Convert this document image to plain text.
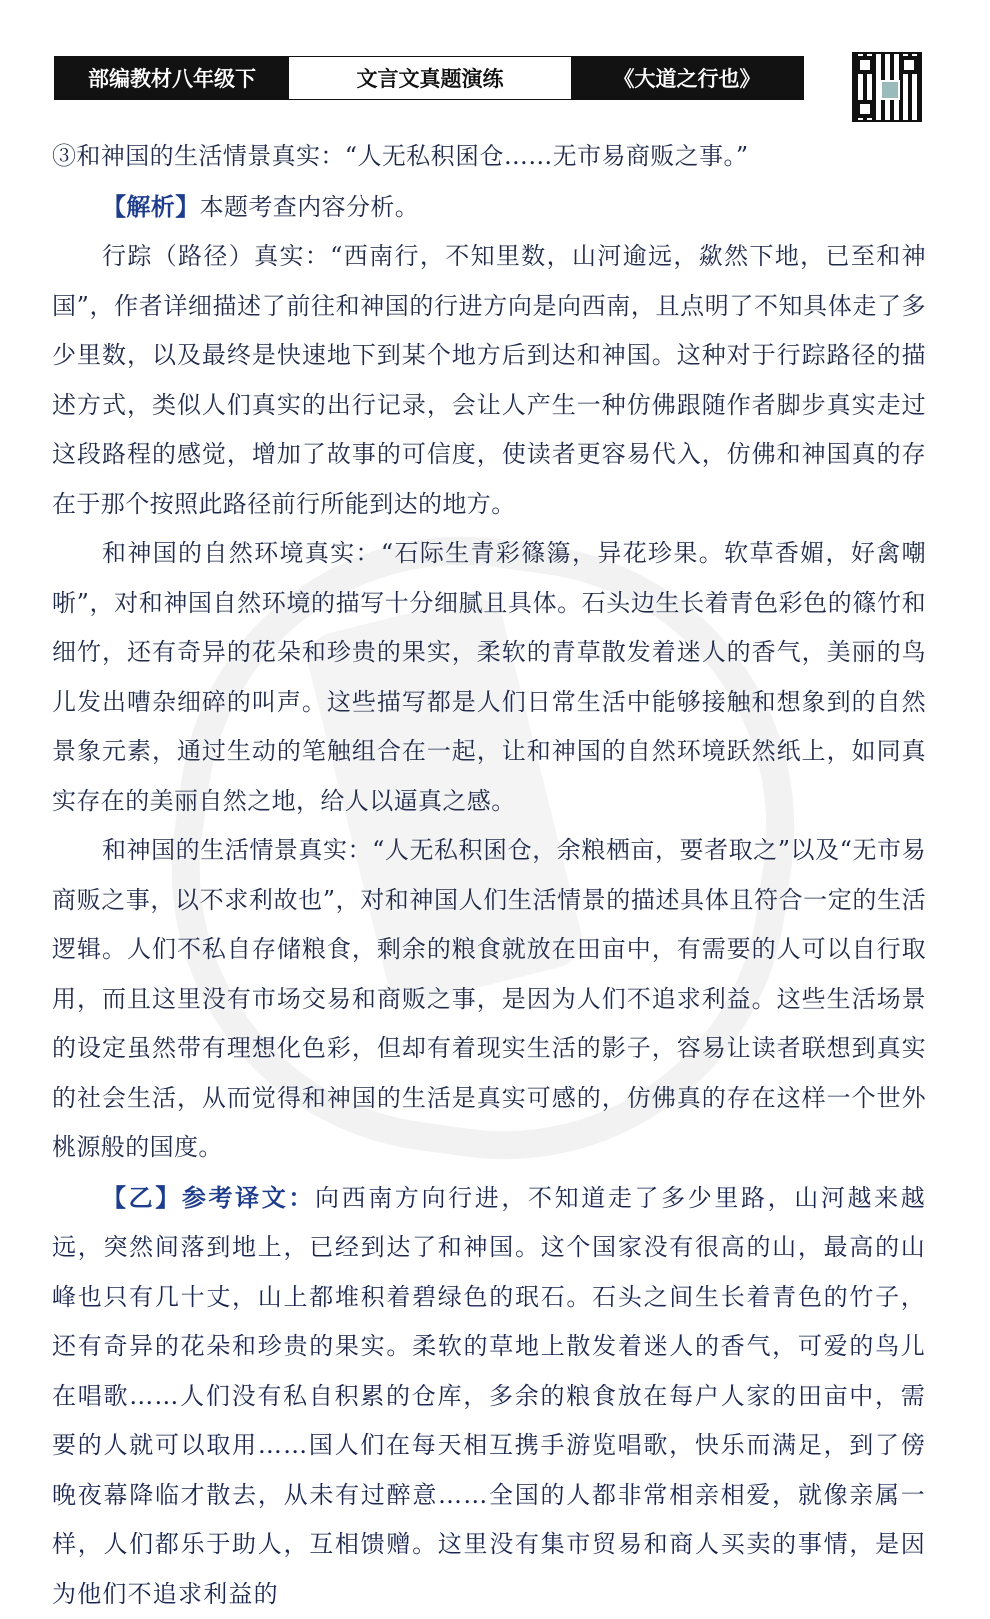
部编教材八年级下	文言文真题演练	《大道之行也》

③和神国的生活情景真实：“人无私积囷仓……无市易商贩之事。”

【解析】本题考查内容分析。

行踪（路径）真实：“西南行，不知里数，山河逾远，歘然下地，已至和神国”，作者详细描述了前往和神国的行进方向是向西南，且点明了不知具体走了多少里数，以及最终是快速地下到某个地方后到达和神国。这种对于行踪路径的描述方式，类似人们真实的出行记录，会让人产生一种仿佛跟随作者脚步真实走过这段路程的感觉，增加了故事的可信度，使读者更容易代入，仿佛和神国真的存在于那个按照此路径前行所能到达的地方。

和神国的自然环境真实：“石际生青彩篠簜，异花珍果。软草香媚，好禽嘲哳”，对和神国自然环境的描写十分细腻且具体。石头边生长着青色彩色的篠竹和细竹，还有奇异的花朵和珍贵的果实，柔软的青草散发着迷人的香气，美丽的鸟儿发出嘈杂细碎的叫声。这些描写都是人们日常生活中能够接触和想象到的自然景象元素，通过生动的笔触组合在一起，让和神国的自然环境跃然纸上，如同真实存在的美丽自然之地，给人以逼真之感。

和神国的生活情景真实：“人无私积囷仓，余粮栖亩，要者取之”以及“无市易商贩之事，以不求利故也”，对和神国人们生活情景的描述具体且符合一定的生活逻辑。人们不私自存储粮食，剩余的粮食就放在田亩中，有需要的人可以自行取用，而且这里没有市场交易和商贩之事，是因为人们不追求利益。这些生活场景的设定虽然带有理想化色彩，但却有着现实生活的影子，容易让读者联想到真实的社会生活，从而觉得和神国的生活是真实可感的，仿佛真的存在这样一个世外桃源般的国度。

【乙】参考译文：向西南方向行进，不知道走了多少里路，山河越来越远，突然间落到地上，已经到达了和神国。这个国家没有很高的山，最高的山峰也只有几十丈，山上都堆积着碧绿色的珉石。石头之间生长着青色的竹子，还有奇异的花朵和珍贵的果实。柔软的草地上散发着迷人的香气，可爱的鸟儿在唱歌……人们没有私自积累的仓库，多余的粮食放在每户人家的田亩中，需要的人就可以取用……国人们在每天相互携手游览唱歌，快乐而满足，到了傍晚夜幕降临才散去，从未有过醉意……全国的人都非常相亲相爱，就像亲属一样，人们都乐于助人，互相馈赠。这里没有集市贸易和商人买卖的事情，是因为他们不追求利益的
